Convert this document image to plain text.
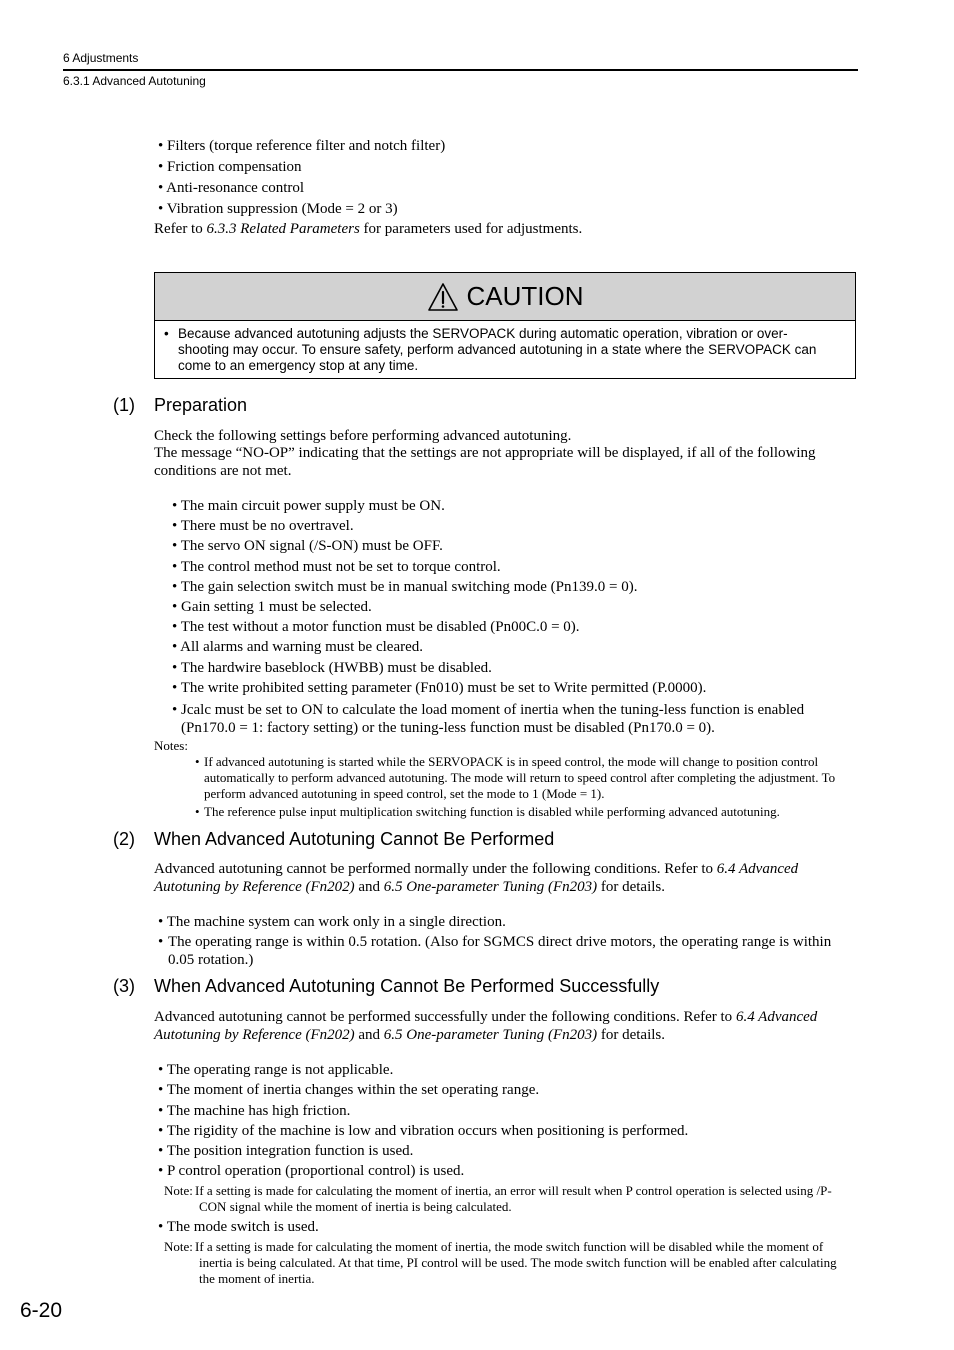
6 Adjustments
6.3.1 Advanced Autotuning
• Filters (torque reference filter and notch filter)
• Friction compensation
• Anti-resonance control
• Vibration suppression (Mode = 2 or 3)
Refer to 6.3.3 Related Parameters for parameters used for adjustments.
CAUTION
• Because advanced autotuning adjusts the SERVOPACK during automatic operation, vibration or over-shooting may occur. To ensure safety, perform advanced autotuning in a state where the SERVOPACK can come to an emergency stop at any time.
(1) Preparation
Check the following settings before performing advanced autotuning.
The message “NO-OP” indicating that the settings are not appropriate will be displayed, if all of the following conditions are not met.
• The main circuit power supply must be ON.
• There must be no overtravel.
• The servo ON signal (/S-ON) must be OFF.
• The control method must not be set to torque control.
• The gain selection switch must be in manual switching mode (Pn139.0 = 0).
• Gain setting 1 must be selected.
• The test without a motor function must be disabled (Pn00C.0 = 0).
• All alarms and warning must be cleared.
• The hardwire baseblock (HWBB) must be disabled.
• The write prohibited setting parameter (Fn010) must be set to Write permitted (P.0000).
• Jcalc must be set to ON to calculate the load moment of inertia when the tuning-less function is enabled (Pn170.0 = 1: factory setting) or the tuning-less function must be disabled (Pn170.0 = 0).
Notes:
• If advanced autotuning is started while the SERVOPACK is in speed control, the mode will change to position control automatically to perform advanced autotuning. The mode will return to speed control after completing the adjustment. To perform advanced autotuning in speed control, set the mode to 1 (Mode = 1).
• The reference pulse input multiplication switching function is disabled while performing advanced autotuning.
(2) When Advanced Autotuning Cannot Be Performed
Advanced autotuning cannot be performed normally under the following conditions. Refer to 6.4 Advanced Autotuning by Reference (Fn202) and 6.5 One-parameter Tuning (Fn203) for details.
• The machine system can work only in a single direction.
• The operating range is within 0.5 rotation. (Also for SGMCS direct drive motors, the operating range is within 0.05 rotation.)
(3) When Advanced Autotuning Cannot Be Performed Successfully
Advanced autotuning cannot be performed successfully under the following conditions. Refer to 6.4 Advanced Autotuning by Reference (Fn202) and 6.5 One-parameter Tuning (Fn203) for details.
• The operating range is not applicable.
• The moment of inertia changes within the set operating range.
• The machine has high friction.
• The rigidity of the machine is low and vibration occurs when positioning is performed.
• The position integration function is used.
• P control operation (proportional control) is used.
Note: If a setting is made for calculating the moment of inertia, an error will result when P control operation is selected using /P-CON signal while the moment of inertia is being calculated.
• The mode switch is used.
Note: If a setting is made for calculating the moment of inertia, the mode switch function will be disabled while the moment of inertia is being calculated. At that time, PI control will be used. The mode switch function will be enabled after calculating the moment of inertia.
6-20
